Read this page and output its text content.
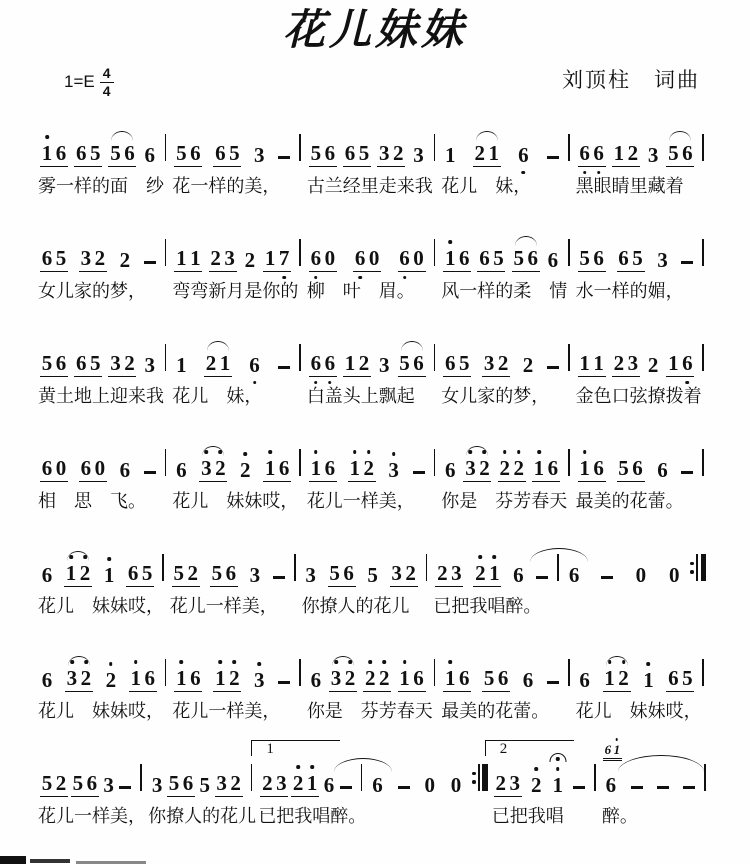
花儿妹妹
$1=E \frac{4}{4}$	刘顶柱　词曲
1 6 6 5 5 6 6
雾一样的面　纱
5 6 6 5 3
花一样的美，
5 6 6 5 3 2 3
古兰经里走来我
1 2 1 6
花儿　妹，
6 6 1 2 3 5 6
黑眼睛里藏着
6 5 3 2 2
女儿家的梦，
1 1 2 3 2 1 7
弯弯新月是你的
6 0 6 0 6 0
柳　叶　眉。
1 6 6 5 5 6 6
风一样的柔　情
5 6 6 5 3
水一样的媚，
5 6 6 5 3 2 3
黄土地上迎来我
1 2 1 6
花儿　妹，
6 6 1 2 3 5 6
白盖头上飘起
6 5 3 2 2
女儿家的梦，
1 1 2 3 2 1 6
金色口弦撩拨着
6 0 6 0 6
相　思　飞。
6 3 2 2 1 6
花儿　妹妹哎，
1 6 1 2 3
花儿一样美，
6 3 2 2 2 1 6
你是　芬芳春天
1 6 5 6 6
最美的花蕾。
6 1 2 1 6 5
花儿　妹妹哎，
5 2 5 6 3
花儿一样美，
3 5 6 5 3 2
你撩人的花儿
2 3 2 1 6
已把我唱醉。
6	0 0
6 3 2 2 1 6
花儿　妹妹哎，
1 6 1 2 3
花儿一样美，
6 3 2 2 2 1 6
你是　芬芳春天
1 6 5 6 6
最美的花蕾。
6 1 2 1 6 5
花儿　妹妹哎，
5 2 5 6 3
花儿一样美，
3 5 6 5 3 2
你撩人的花儿
1
2 3 2 1 6
已把我唱醉。
6 0 0
2
2 3 2 1
已把我唱
6 1
6
醉。
